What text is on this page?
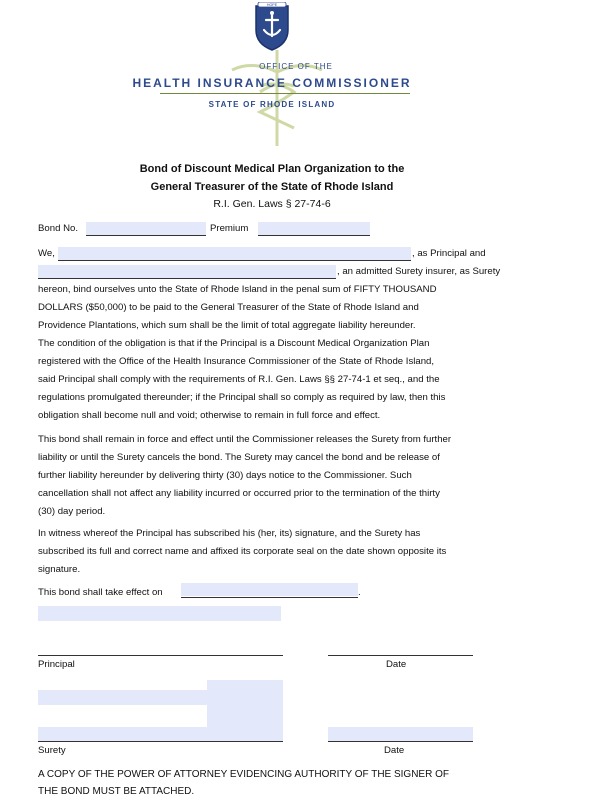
HOPE
OFFICE OF THE
HEALTH INSURANCE COMMISSIONER
STATE OF RHODE ISLAND
Bond of Discount Medical Plan Organization to the
General Treasurer of the State of Rhode Island
R.I. Gen. Laws § 27-74-6
Bond No.	Premium
We,	, as Principal and
, an admitted Surety insurer, as Surety
hereon, bind ourselves unto the State of Rhode Island in the penal sum of FIFTY THOUSAND
DOLLARS ($50,000) to be paid to the General Treasurer of the State of Rhode Island and
Providence Plantations, which sum shall be the limit of total aggregate liability hereunder.
The condition of the obligation is that if the Principal is a Discount Medical Organization Plan
registered with the Office of the Health Insurance Commissioner of the State of Rhode Island,
said Principal shall comply with the requirements of R.I. Gen. Laws §§ 27-74-1 et seq., and the
regulations promulgated thereunder; if the Principal shall so comply as required by law, then this
obligation shall become null and void; otherwise to remain in full force and effect.
This bond shall remain in force and effect until the Commissioner releases the Surety from further
liability or until the Surety cancels the bond. The Surety may cancel the bond and be release of
further liability hereunder by delivering thirty (30) days notice to the Commissioner. Such
cancellation shall not affect any liability incurred or occurred prior to the termination of the thirty
(30) day period.
In witness whereof the Principal has subscribed his (her, its) signature, and the Surety has
subscribed its full and correct name and affixed its corporate seal on the date shown opposite its
signature.
This bond shall take effect on	.
Principal	Date
Surety	Date
A COPY OF THE POWER OF ATTORNEY EVIDENCING AUTHORITY OF THE SIGNER OF
THE BOND MUST BE ATTACHED.
